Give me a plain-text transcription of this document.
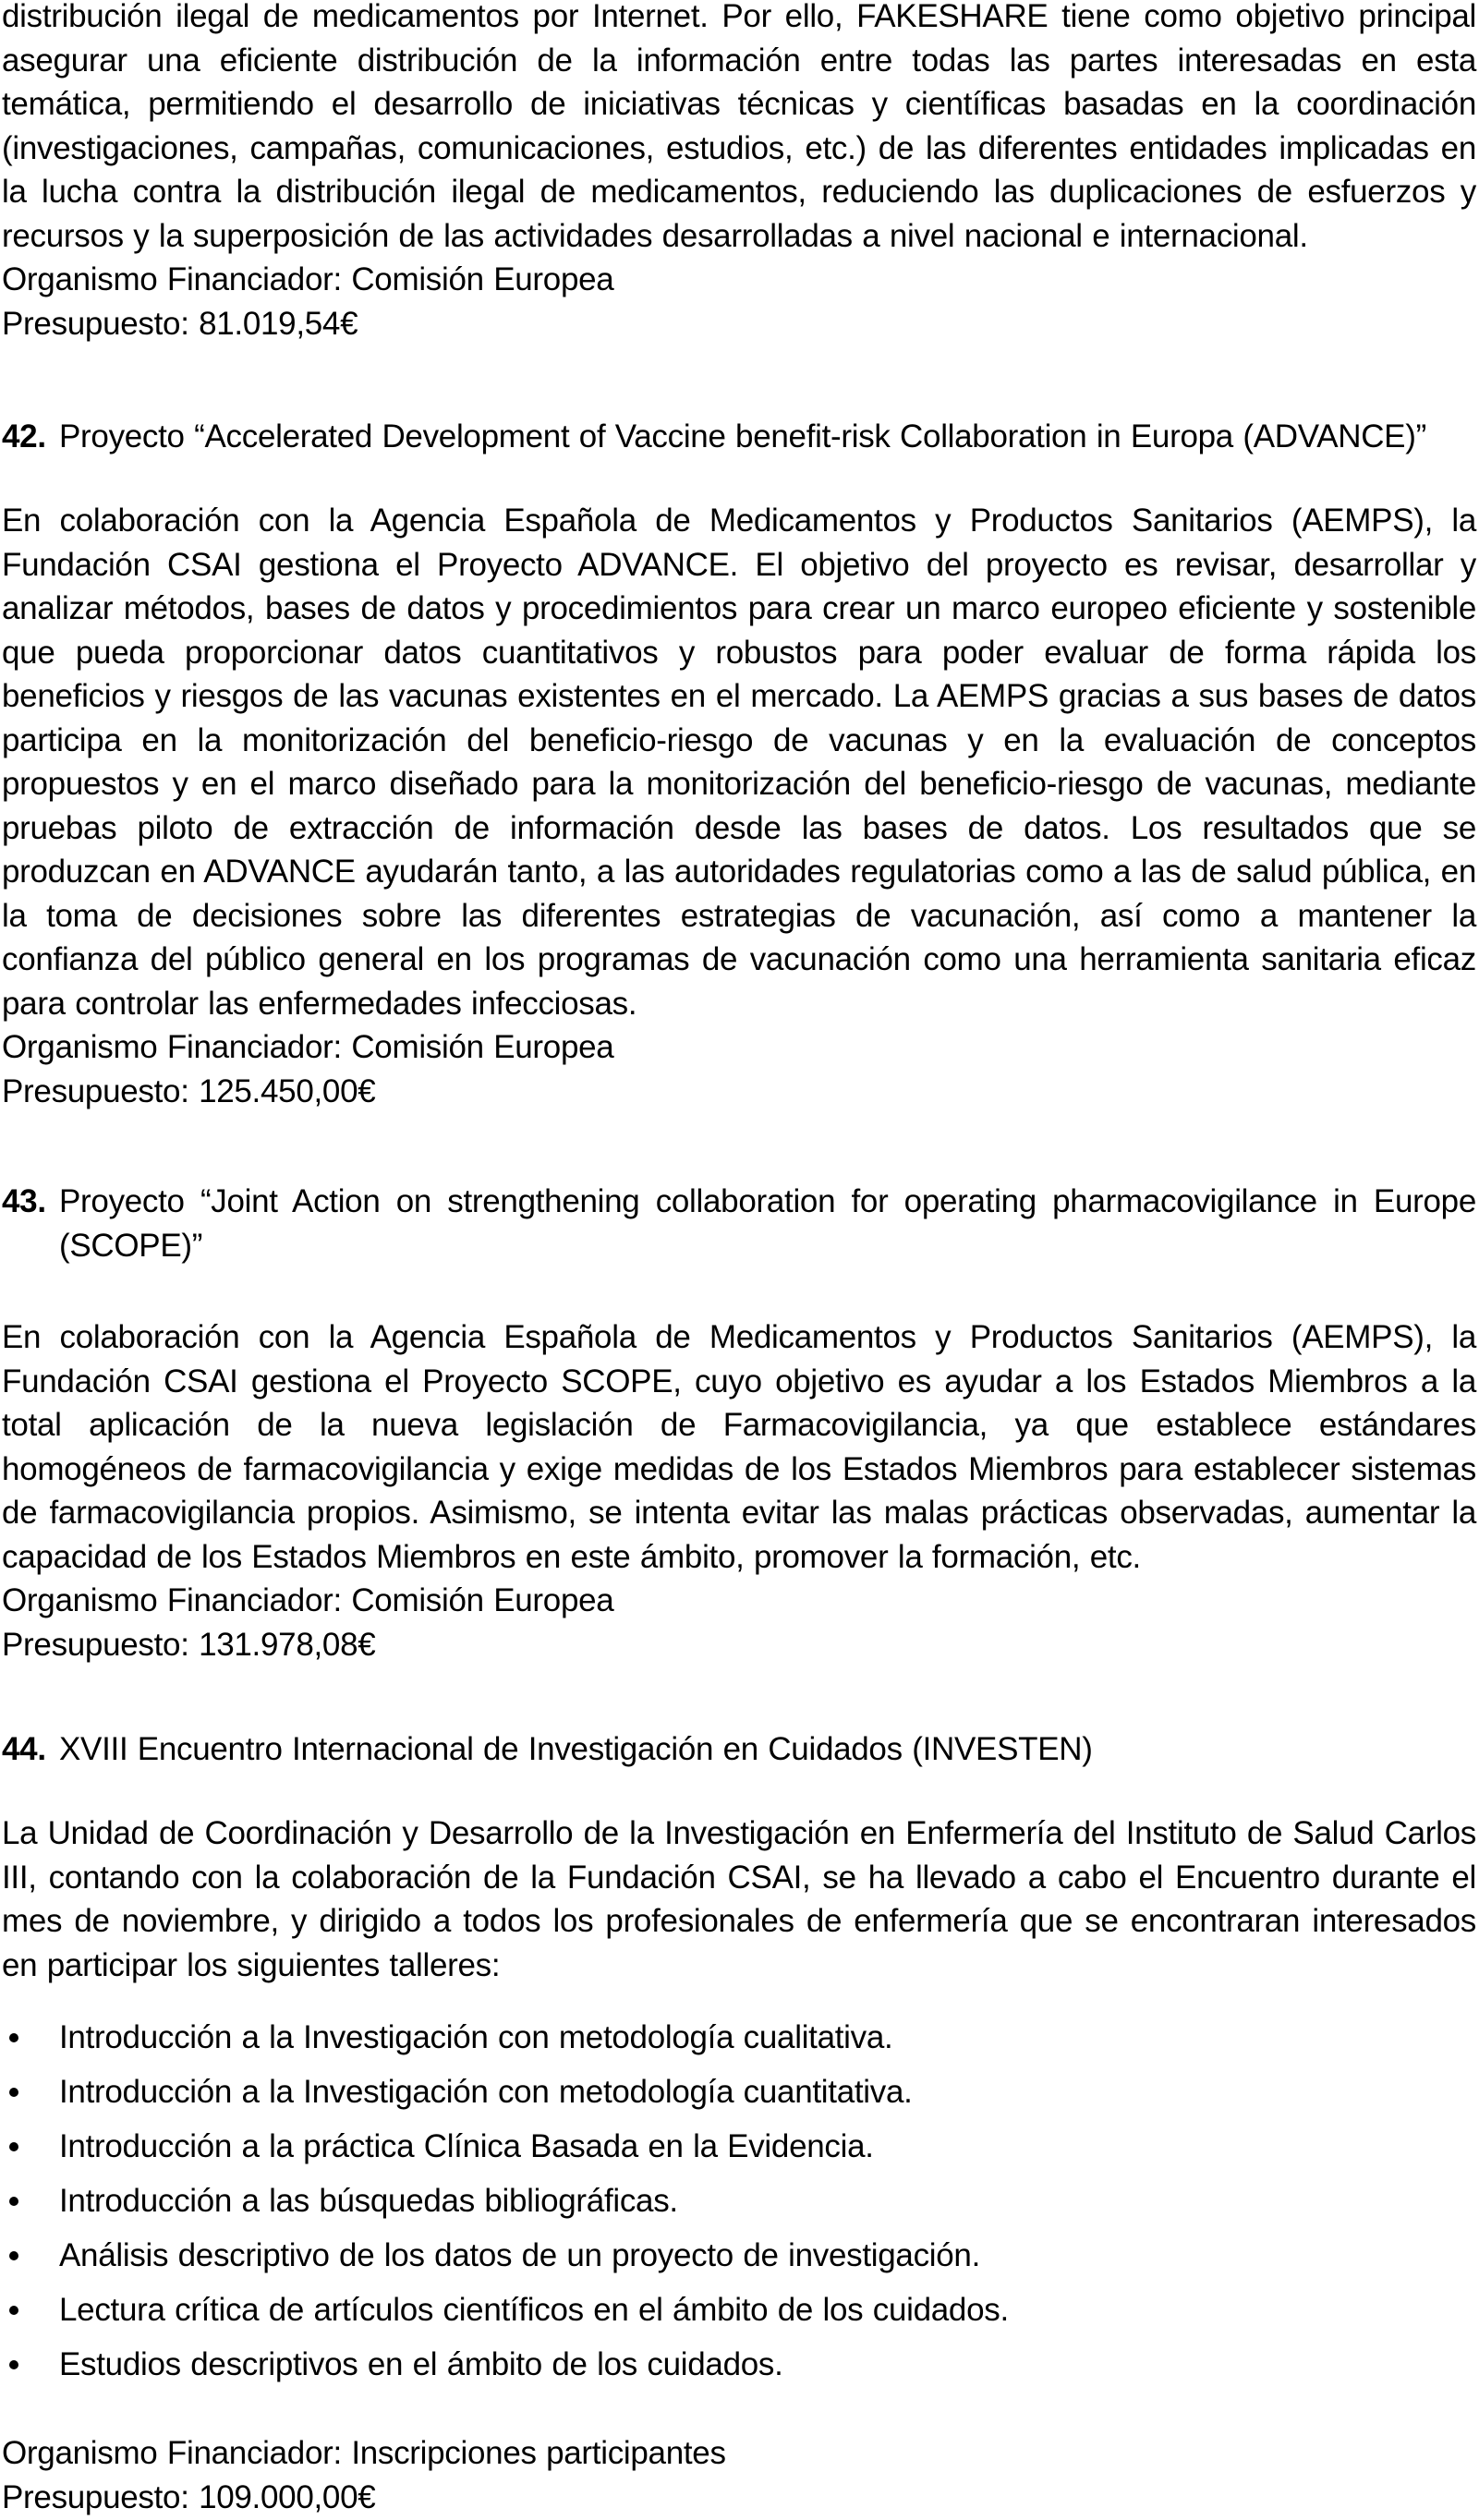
distribución ilegal de medicamentos por Internet. Por ello, FAKESHARE tiene como objetivo principal asegurar una eficiente distribución de la información entre todas las partes interesadas en esta temática, permitiendo el desarrollo de iniciativas técnicas y científicas basadas en la coordinación (investigaciones, campañas, comunicaciones, estudios, etc.) de las diferentes entidades implicadas en la lucha contra la distribución ilegal de medicamentos, reduciendo las duplicaciones de esfuerzos y recursos y la superposición de las actividades desarrolladas a nivel nacional e internacional.

Organismo Financiador: Comisión Europea

Presupuesto: 81.019,54€

42. Proyecto “Accelerated Development of Vaccine benefit-risk Collaboration in Europa (ADVANCE)”

En colaboración con la Agencia Española de Medicamentos y Productos Sanitarios (AEMPS), la Fundación CSAI gestiona el Proyecto ADVANCE. El objetivo del proyecto es revisar, desarrollar y analizar métodos, bases de datos y procedimientos para crear un marco europeo eficiente y sostenible que pueda proporcionar datos cuantitativos y robustos para poder evaluar de forma rápida los beneficios y riesgos de las vacunas existentes en el mercado. La AEMPS gracias a sus bases de datos participa en la monitorización del beneficio-riesgo de vacunas y en la evaluación de conceptos propuestos y en el marco diseñado para la monitorización del beneficio-riesgo de vacunas, mediante pruebas piloto de extracción de información desde las bases de datos. Los resultados que se produzcan en ADVANCE ayudarán tanto, a las autoridades regulatorias como a las de salud pública, en la toma de decisiones sobre las diferentes estrategias de vacunación, así como a mantener la confianza del público general en los programas de vacunación como una herramienta sanitaria eficaz para controlar las enfermedades infecciosas.

Organismo Financiador: Comisión Europea

Presupuesto: 125.450,00€

43. Proyecto “Joint Action on strengthening collaboration for operating pharmacovigilance in Europe (SCOPE)”

En colaboración con la Agencia Española de Medicamentos y Productos Sanitarios (AEMPS), la Fundación CSAI gestiona el Proyecto SCOPE, cuyo objetivo es ayudar a los Estados Miembros a la total aplicación de la nueva legislación de Farmacovigilancia, ya que establece estándares homogéneos de farmacovigilancia y exige medidas de los Estados Miembros para establecer sistemas de farmacovigilancia propios. Asimismo, se intenta evitar las malas prácticas observadas, aumentar la capacidad de los Estados Miembros en este ámbito, promover la formación, etc.

Organismo Financiador: Comisión Europea

Presupuesto: 131.978,08€

44. XVIII Encuentro Internacional de Investigación en Cuidados (INVESTEN)

La Unidad de Coordinación y Desarrollo de la Investigación en Enfermería del Instituto de Salud Carlos III, contando con la colaboración de la Fundación CSAI, se ha llevado a cabo el Encuentro durante el mes de noviembre, y dirigido a todos los profesionales de enfermería que se encontraran interesados en participar los siguientes talleres:

Introducción a la Investigación con metodología cualitativa.
Introducción a la Investigación con metodología cuantitativa.
Introducción a la práctica Clínica Basada en la Evidencia.
Introducción a las búsquedas bibliográficas.
Análisis descriptivo de los datos de un proyecto de investigación.
Lectura crítica de artículos científicos en el ámbito de los cuidados.
Estudios descriptivos en el ámbito de los cuidados.

Organismo Financiador: Inscripciones participantes

Presupuesto: 109.000,00€
